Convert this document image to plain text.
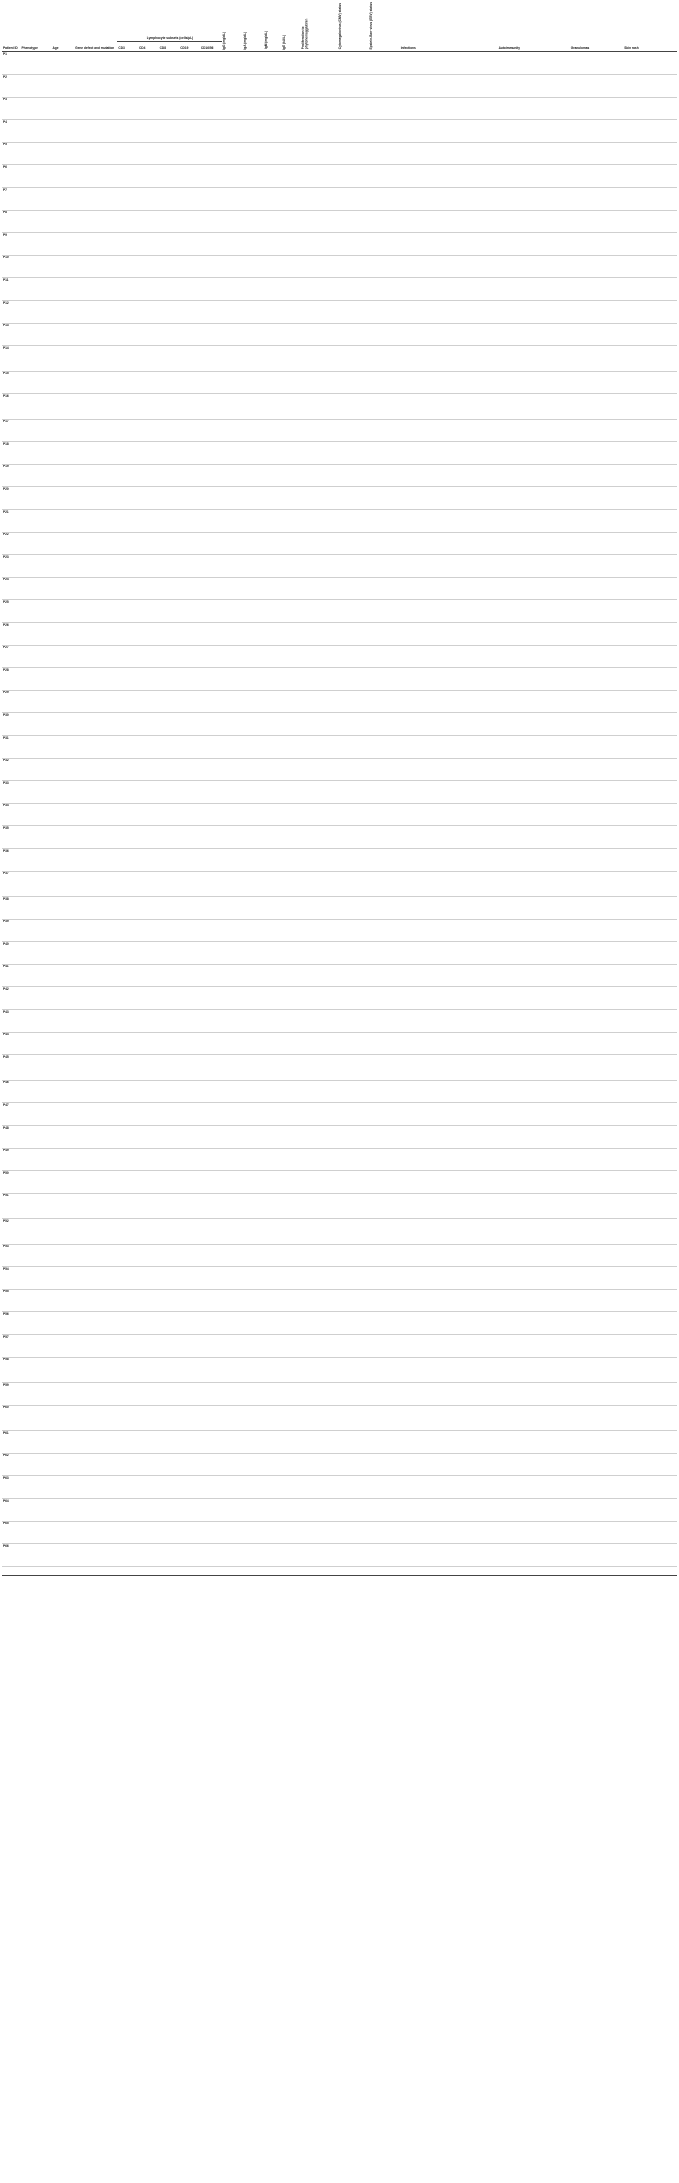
Patient ID	Phenotype	Age	Gene defect and mutation	Lymphocyte subsets (cells/µL)					IgG (mg/dL)	IgA (mg/dL)	IgM (mg/dL)	IgE (kU/L)	Proliferation to phytohemagglutinin	Cytomegalovirus (CMV) status	Epstein-Barr virus (EBV) status	Infections	Autoimmunity	Granulomas	Skin rash
				CD3	CD4	CD8	CD19	CD16/56											
P1																			
P2																			
P3																			
P4																			
P5																			
P6																			
P7																			
P8																			
P9																			
P10																			
P11																			
P12																			
P13																			
P14																			
P15																			
P16																			
P17																			
P18																			
P19																			
P20																			
P21																			
P22																			
P23																			
P24																			
P25																			
P26																			
P27																			
P28																			
P29																			
P30																			
P31																			
P32																			
P33																			
P34																			
P35																			
P36																			
P37																			
P38																			
P39																			
P40																			
P41																			
P42																			
P43																			
P44																			
P45																			
P46																			
P47																			
P48																			
P49																			
P50																			
P51																			
P52																			
P53																			
P54																			
P55																			
P56																			
P57																			
P58																			
P59																			
P60																			
P61																			
P62																			
P63																			
P64																			
P65																			
P66																			
